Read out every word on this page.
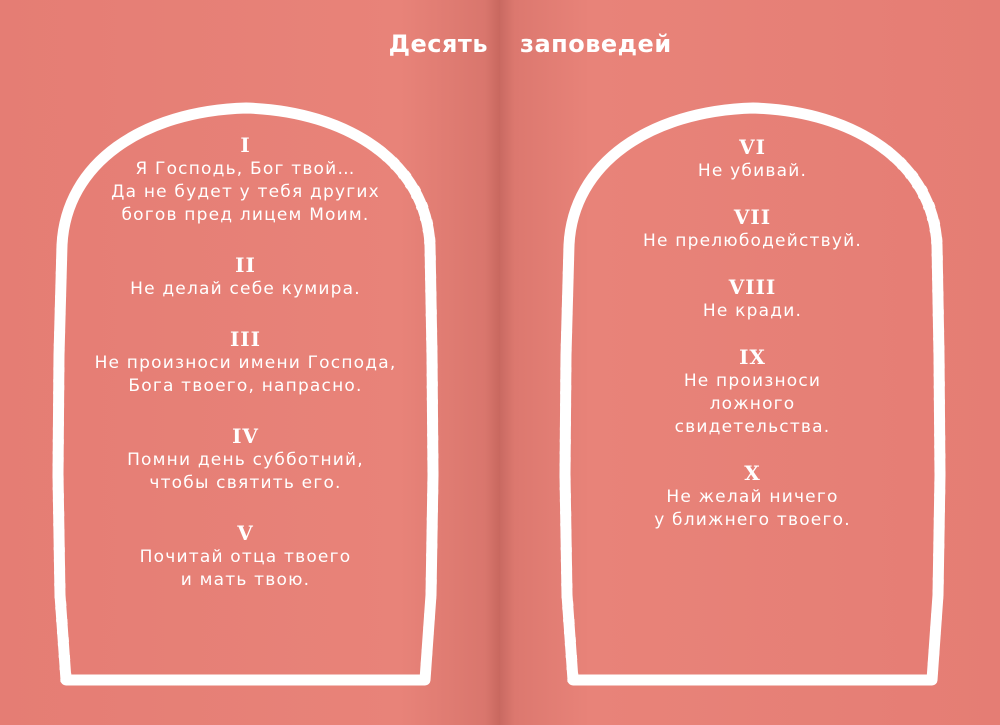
Десять
I
Я Господь, Бог твой…
Да не будет у тебя других
богов пред лицем Моим.
II
Не делай себе кумира.
III
Не произноси имени Господа,
Бога твоего, напрасно.
IV
Помни день субботний,
чтобы святить его.
V
Почитай отца твоего
и мать твою.
заповедей
VI
Не убивай.
VII
Не прелюбодействуй.
VIII
Не кради.
IX
Не произноси
ложного
свидетельства.
X
Не желай ничего
у ближнего твоего.
